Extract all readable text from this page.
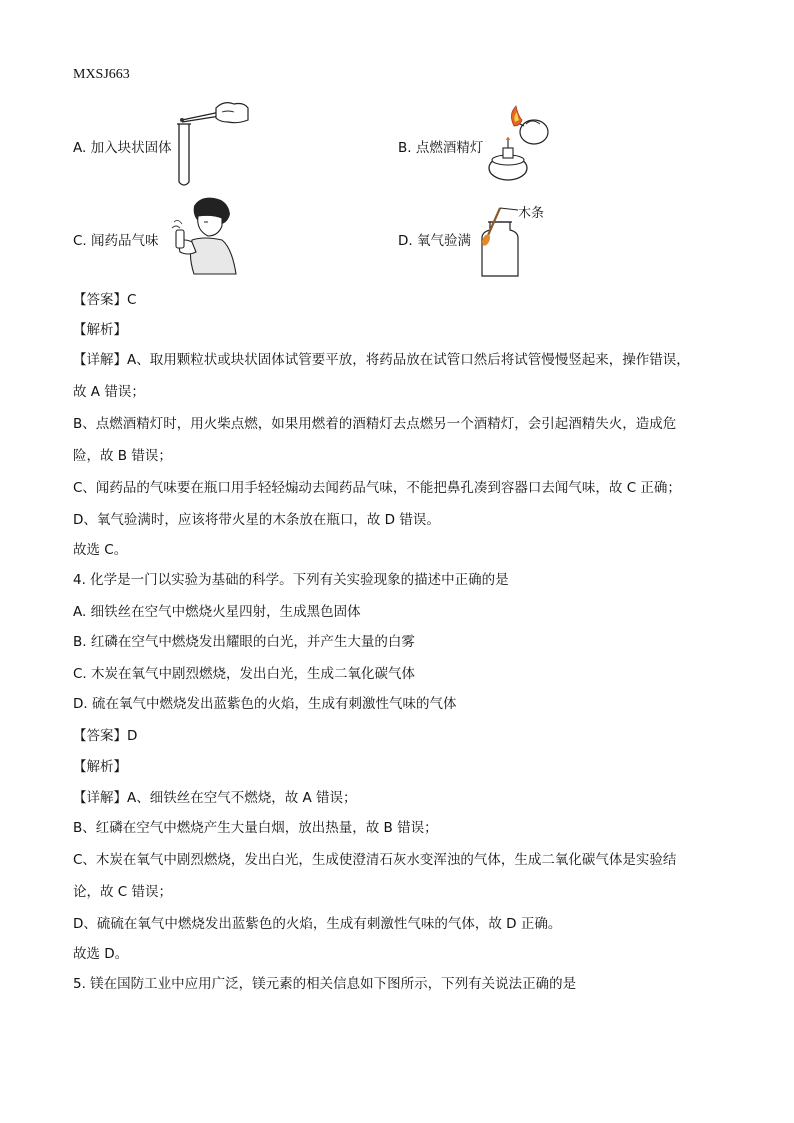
MXSJ663
A. 加入块状固体	B. 点燃酒精灯
C. 闻药品气味	D. 氧气验满
木条
【答案】C
【解析】
【详解】A、取用颗粒状或块状固体试管要平放，将药品放在试管口然后将试管慢慢竖起来，操作错误，
故 A 错误；
B、点燃酒精灯时，用火柴点燃，如果用燃着的酒精灯去点燃另一个酒精灯，会引起酒精失火，造成危
险，故 B 错误；
C、闻药品的气味要在瓶口用手轻轻煽动去闻药品气味，不能把鼻孔凑到容器口去闻气味，故 C 正确；
D、氧气验满时，应该将带火星的木条放在瓶口，故 D 错误。
故选 C。
4. 化学是一门以实验为基础的科学。下列有关实验现象的描述中正确的是
A. 细铁丝在空气中燃烧火星四射，生成黑色固体
B. 红磷在空气中燃烧发出耀眼的白光，并产生大量的白雾
C. 木炭在氧气中剧烈燃烧，发出白光，生成二氧化碳气体
D. 硫在氧气中燃烧发出蓝紫色的火焰，生成有刺激性气味的气体
【答案】D
【解析】
【详解】A、细铁丝在空气不燃烧，故 A 错误；
B、红磷在空气中燃烧产生大量白烟，放出热量，故 B 错误；
C、木炭在氧气中剧烈燃烧，发出白光，生成使澄清石灰水变浑浊的气体，生成二氧化碳气体是实验结
论，故 C 错误；
D、硫硫在氧气中燃烧发出蓝紫色的火焰，生成有刺激性气味的气体，故 D 正确。
故选 D。
5. 镁在国防工业中应用广泛，镁元素的相关信息如下图所示，下列有关说法正确的是
